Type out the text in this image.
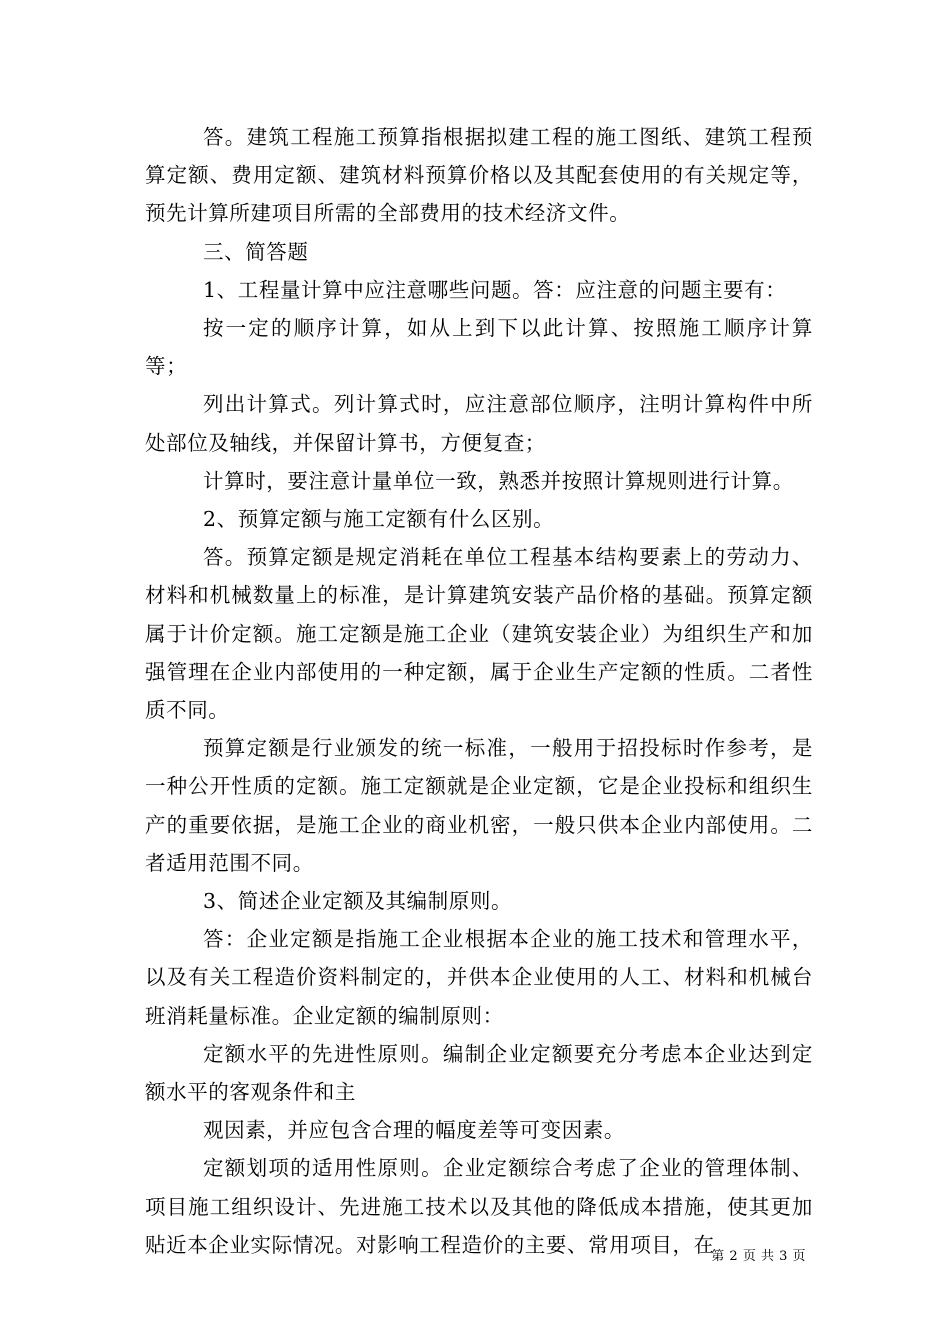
答。建筑工程施工预算指根据拟建工程的施工图纸、建筑工程预算定额、费用定额、建筑材料预算价格以及其配套使用的有关规定等，预先计算所建项目所需的全部费用的技术经济文件。

三、简答题

1、工程量计算中应注意哪些问题。答：应注意的问题主要有：

按一定的顺序计算，如从上到下以此计算、按照施工顺序计算等；

列出计算式。列计算式时，应注意部位顺序，注明计算构件中所处部位及轴线，并保留计算书，方便复查；

计算时，要注意计量单位一致，熟悉并按照计算规则进行计算。

2、预算定额与施工定额有什么区别。

答。预算定额是规定消耗在单位工程基本结构要素上的劳动力、材料和机械数量上的标准，是计算建筑安装产品价格的基础。预算定额属于计价定额。施工定额是施工企业（建筑安装企业）为组织生产和加强管理在企业内部使用的一种定额，属于企业生产定额的性质。二者性质不同。

预算定额是行业颁发的统一标准，一般用于招投标时作参考，是一种公开性质的定额。施工定额就是企业定额，它是企业投标和组织生产的重要依据，是施工企业的商业机密，一般只供本企业内部使用。二者适用范围不同。

3、简述企业定额及其编制原则。

答：企业定额是指施工企业根据本企业的施工技术和管理水平，以及有关工程造价资料制定的，并供本企业使用的人工、材料和机械台班消耗量标准。企业定额的编制原则：

定额水平的先进性原则。编制企业定额要充分考虑本企业达到定额水平的客观条件和主

观因素，并应包含合理的幅度差等可变因素。

定额划项的适用性原则。企业定额综合考虑了企业的管理体制、项目施工组织设计、先进施工技术以及其他的降低成本措施，使其更加贴近本企业实际情况。对影响工程造价的主要、常用项目，在

第 2 页 共 3 页
